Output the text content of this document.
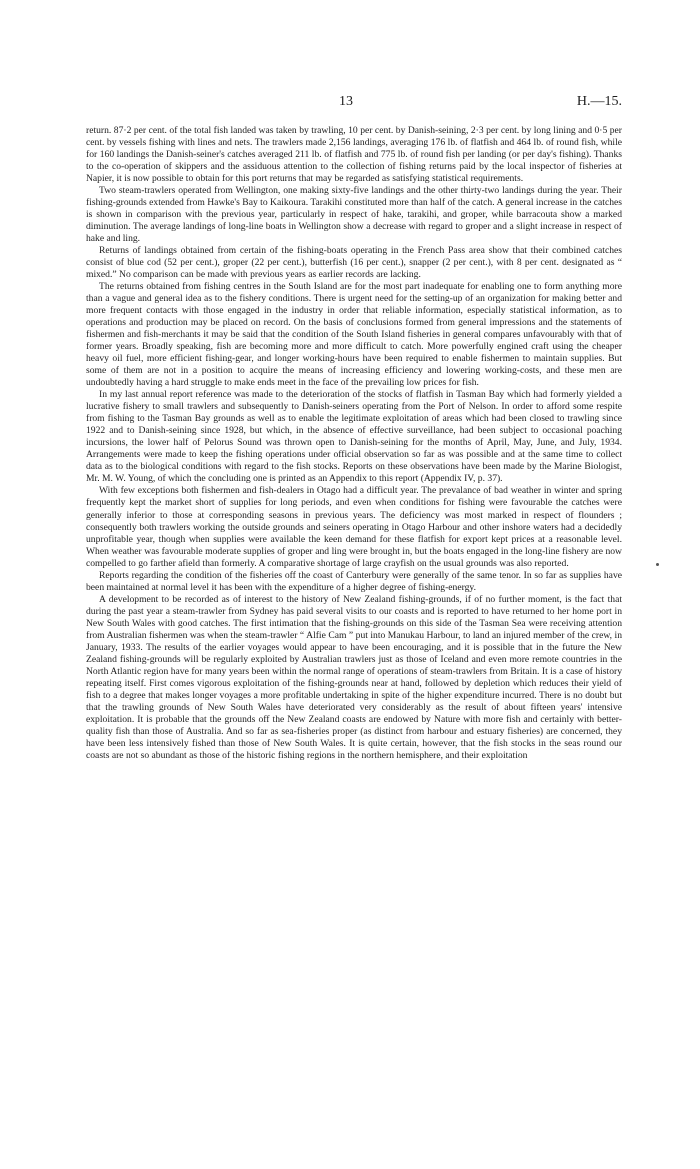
13	H.—15.

return. 87·2 per cent. of the total fish landed was taken by trawling, 10 per cent. by Danish-seining, 2·3 per cent. by long lining and 0·5 per cent. by vessels fishing with lines and nets. The trawlers made 2,156 landings, averaging 176 lb. of flatfish and 464 lb. of round fish, while for 160 landings the Danish-seiner's catches averaged 211 lb. of flatfish and 775 lb. of round fish per landing (or per day's fishing). Thanks to the co-operation of skippers and the assiduous attention to the collection of fishing returns paid by the local inspector of fisheries at Napier, it is now possible to obtain for this port returns that may be regarded as satisfying statistical requirements.

Two steam-trawlers operated from Wellington, one making sixty-five landings and the other thirty-two landings during the year. Their fishing-grounds extended from Hawke's Bay to Kaikoura. Tarakihi constituted more than half of the catch. A general increase in the catches is shown in comparison with the previous year, particularly in respect of hake, tarakihi, and groper, while barracouta show a marked diminution. The average landings of long-line boats in Wellington show a decrease with regard to groper and a slight increase in respect of hake and ling.

Returns of landings obtained from certain of the fishing-boats operating in the French Pass area show that their combined catches consist of blue cod (52 per cent.), groper (22 per cent.), butterfish (16 per cent.), snapper (2 per cent.), with 8 per cent. designated as “ mixed.” No comparison can be made with previous years as earlier records are lacking.

The returns obtained from fishing centres in the South Island are for the most part inadequate for enabling one to form anything more than a vague and general idea as to the fishery conditions. There is urgent need for the setting-up of an organization for making better and more frequent contacts with those engaged in the industry in order that reliable information, especially statistical information, as to operations and production may be placed on record. On the basis of conclusions formed from general impressions and the statements of fishermen and fish-merchants it may be said that the condition of the South Island fisheries in general compares unfavourably with that of former years. Broadly speaking, fish are becoming more and more difficult to catch. More powerfully engined craft using the cheaper heavy oil fuel, more efficient fishing-gear, and longer working-hours have been required to enable fishermen to maintain supplies. But some of them are not in a position to acquire the means of increasing efficiency and lowering working-costs, and these men are undoubtedly having a hard struggle to make ends meet in the face of the prevailing low prices for fish.

In my last annual report reference was made to the deterioration of the stocks of flatfish in Tasman Bay which had formerly yielded a lucrative fishery to small trawlers and subsequently to Danish-seiners operating from the Port of Nelson. In order to afford some respite from fishing to the Tasman Bay grounds as well as to enable the legitimate exploitation of areas which had been closed to trawling since 1922 and to Danish-seining since 1928, but which, in the absence of effective surveillance, had been subject to occasional poaching incursions, the lower half of Pelorus Sound was thrown open to Danish-seining for the months of April, May, June, and July, 1934. Arrangements were made to keep the fishing operations under official observation so far as was possible and at the same time to collect data as to the biological conditions with regard to the fish stocks. Reports on these observations have been made by the Marine Biologist, Mr. M. W. Young, of which the concluding one is printed as an Appendix to this report (Appendix IV, p. 37).

With few exceptions both fishermen and fish-dealers in Otago had a difficult year. The prevalance of bad weather in winter and spring frequently kept the market short of supplies for long periods, and even when conditions for fishing were favourable the catches were generally inferior to those at corresponding seasons in previous years. The deficiency was most marked in respect of flounders ; consequently both trawlers working the outside grounds and seiners operating in Otago Harbour and other inshore waters had a decidedly unprofitable year, though when supplies were available the keen demand for these flatfish for export kept prices at a reasonable level. When weather was favourable moderate supplies of groper and ling were brought in, but the boats engaged in the long-line fishery are now compelled to go farther afield than formerly. A comparative shortage of large crayfish on the usual grounds was also reported.

Reports regarding the condition of the fisheries off the coast of Canterbury were generally of the same tenor. In so far as supplies have been maintained at normal level it has been with the expenditure of a higher degree of fishing-energy.

A development to be recorded as of interest to the history of New Zealand fishing-grounds, if of no further moment, is the fact that during the past year a steam-trawler from Sydney has paid several visits to our coasts and is reported to have returned to her home port in New South Wales with good catches. The first intimation that the fishing-grounds on this side of the Tasman Sea were receiving attention from Australian fishermen was when the steam-trawler “ Alfie Cam ” put into Manukau Harbour, to land an injured member of the crew, in January, 1933. The results of the earlier voyages would appear to have been encouraging, and it is possible that in the future the New Zealand fishing-grounds will be regularly exploited by Australian trawlers just as those of Iceland and even more remote countries in the North Atlantic region have for many years been within the normal range of operations of steam-trawlers from Britain. It is a case of history repeating itself. First comes vigorous exploitation of the fishing-grounds near at hand, followed by depletion which reduces their yield of fish to a degree that makes longer voyages a more profitable undertaking in spite of the higher expenditure incurred. There is no doubt but that the trawling grounds of New South Wales have deteriorated very considerably as the result of about fifteen years' intensive exploitation. It is probable that the grounds off the New Zealand coasts are endowed by Nature with more fish and certainly with better-quality fish than those of Australia. And so far as sea-fisheries proper (as distinct from harbour and estuary fisheries) are concerned, they have been less intensively fished than those of New South Wales. It is quite certain, however, that the fish stocks in the seas round our coasts are not so abundant as those of the historic fishing regions in the northern hemisphere, and their exploitation
